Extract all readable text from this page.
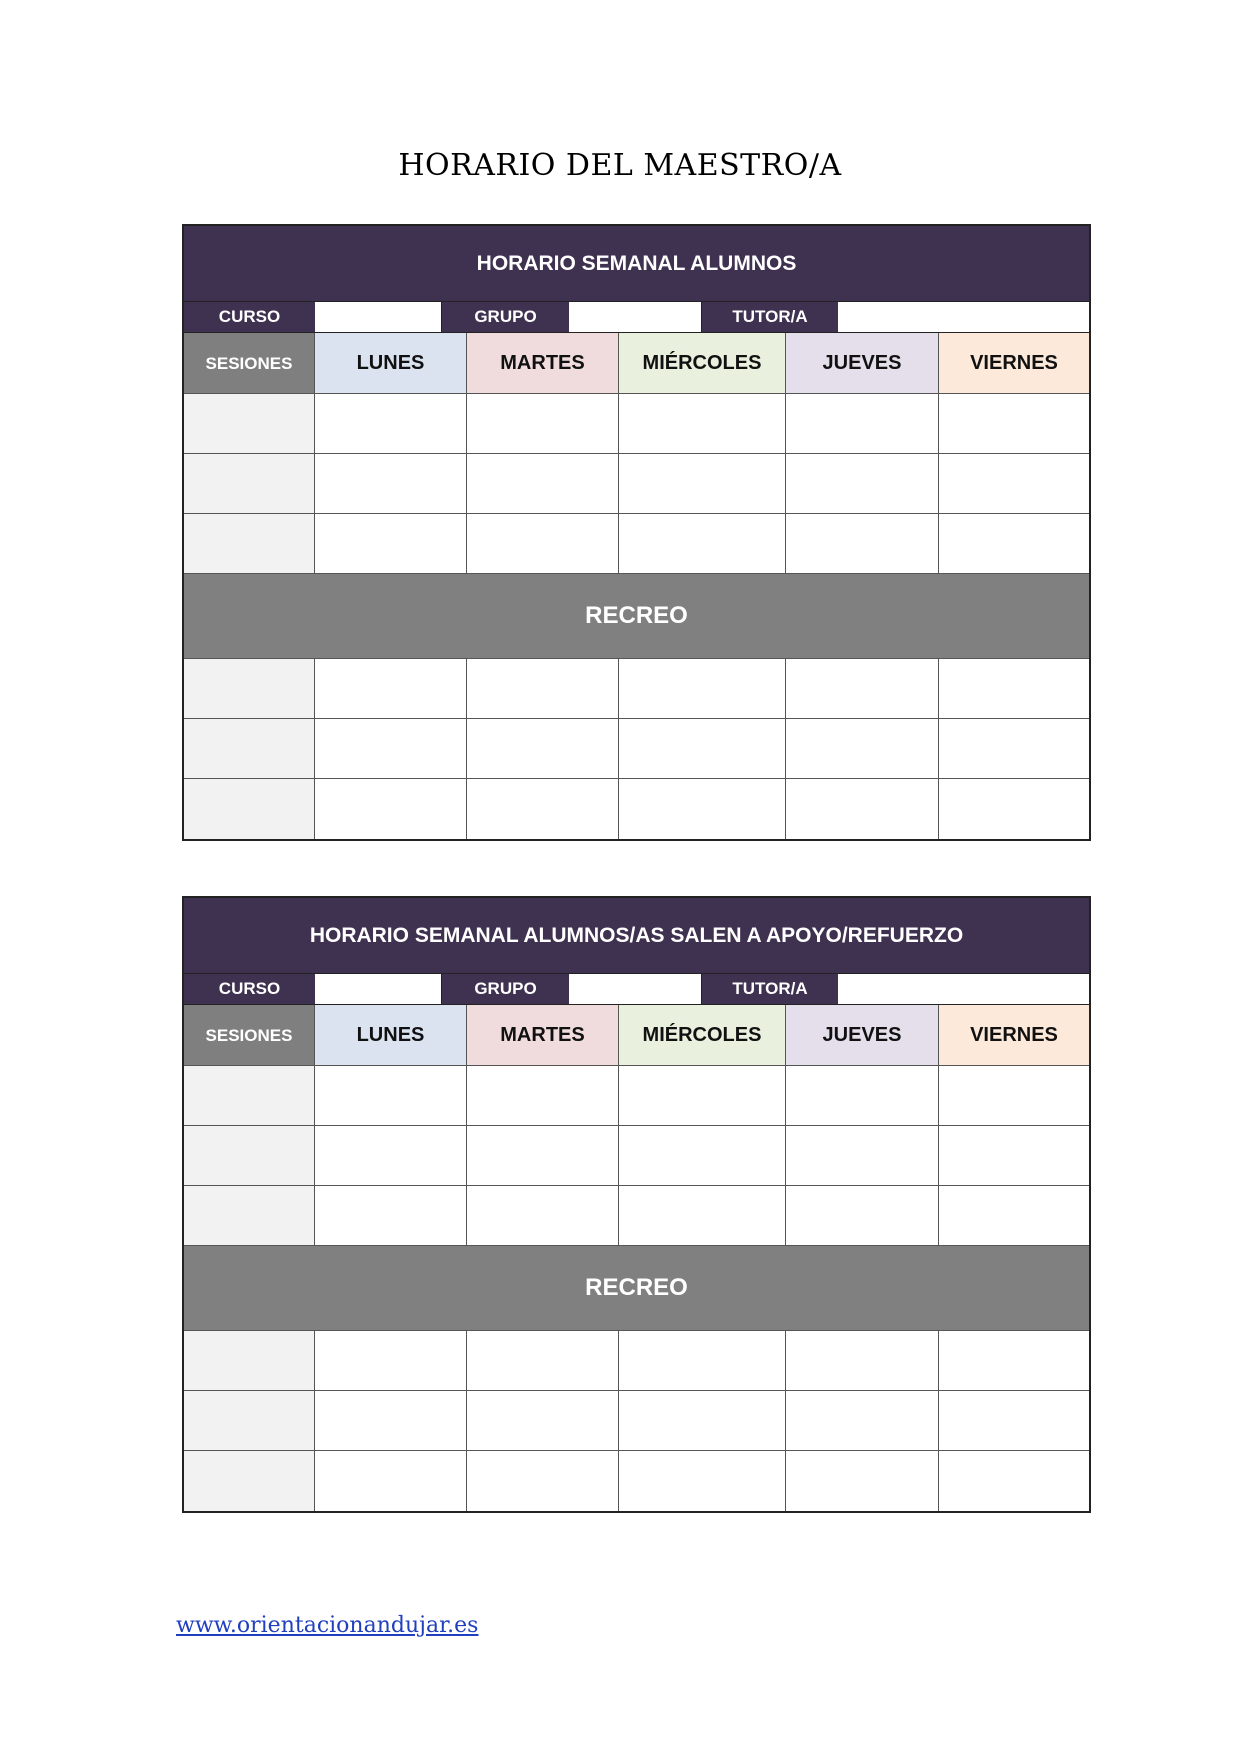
HORARIO DEL MAESTRO/A
HORARIO SEMANAL ALUMNOS
CURSO	GRUPO	TUTOR/A
SESIONES	LUNES	MARTES	MIÉRCOLES	JUEVES	VIERNES
RECREO
HORARIO SEMANAL ALUMNOS/AS SALEN A APOYO/REFUERZO
CURSO	GRUPO	TUTOR/A
SESIONES	LUNES	MARTES	MIÉRCOLES	JUEVES	VIERNES
RECREO
www.orientacionandujar.es
